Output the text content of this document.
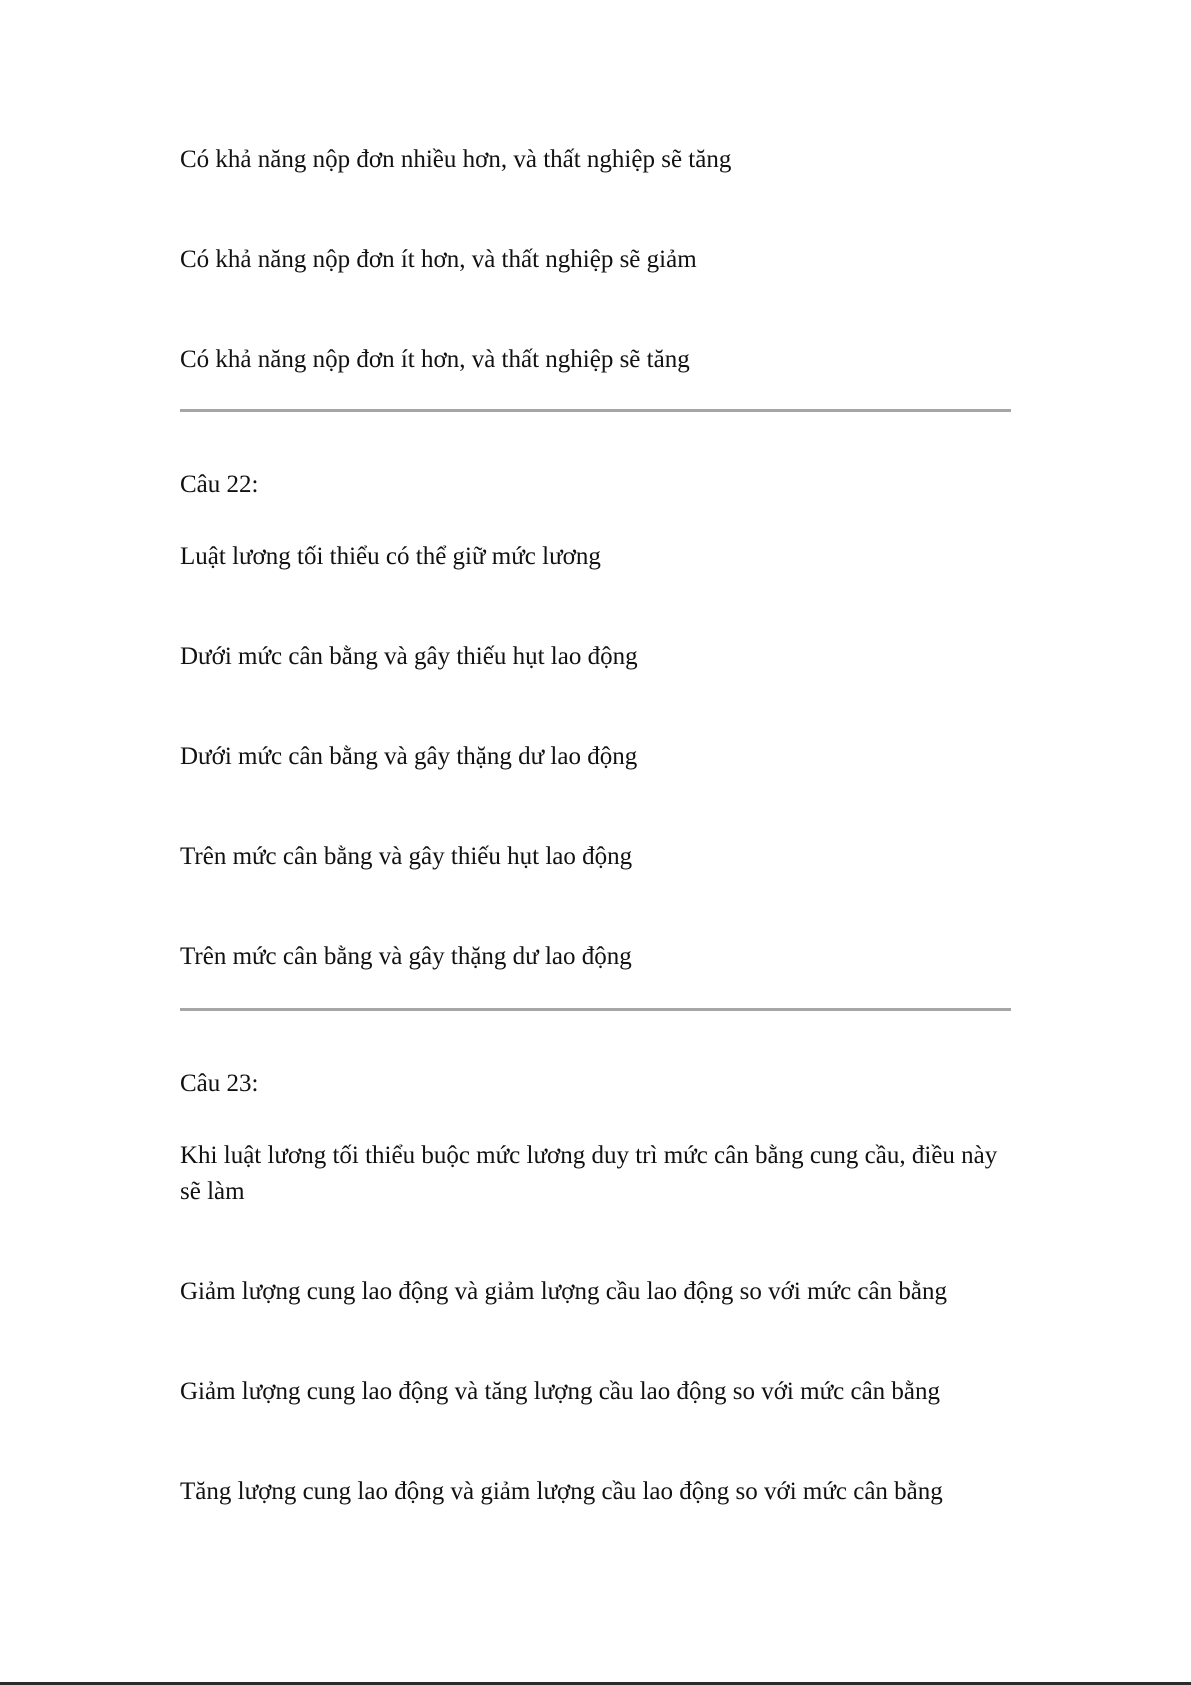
Có khả năng nộp đơn nhiều hơn, và thất nghiệp sẽ tăng
Có khả năng nộp đơn ít hơn, và thất nghiệp sẽ giảm
Có khả năng nộp đơn ít hơn, và thất nghiệp sẽ tăng
Câu 22:
Luật lương tối thiểu có thể giữ mức lương
Dưới mức cân bằng và gây thiếu hụt lao động
Dưới mức cân bằng và gây thặng dư lao động
Trên mức cân bằng và gây thiếu hụt lao động
Trên mức cân bằng và gây thặng dư lao động
Câu 23:
Khi luật lương tối thiểu buộc mức lương duy trì mức cân bằng cung cầu, điều này sẽ làm
Giảm lượng cung lao động và giảm lượng cầu lao động so với mức cân bằng
Giảm lượng cung lao động và tăng lượng cầu lao động so với mức cân bằng
Tăng lượng cung lao động và giảm lượng cầu lao động so với mức cân bằng
